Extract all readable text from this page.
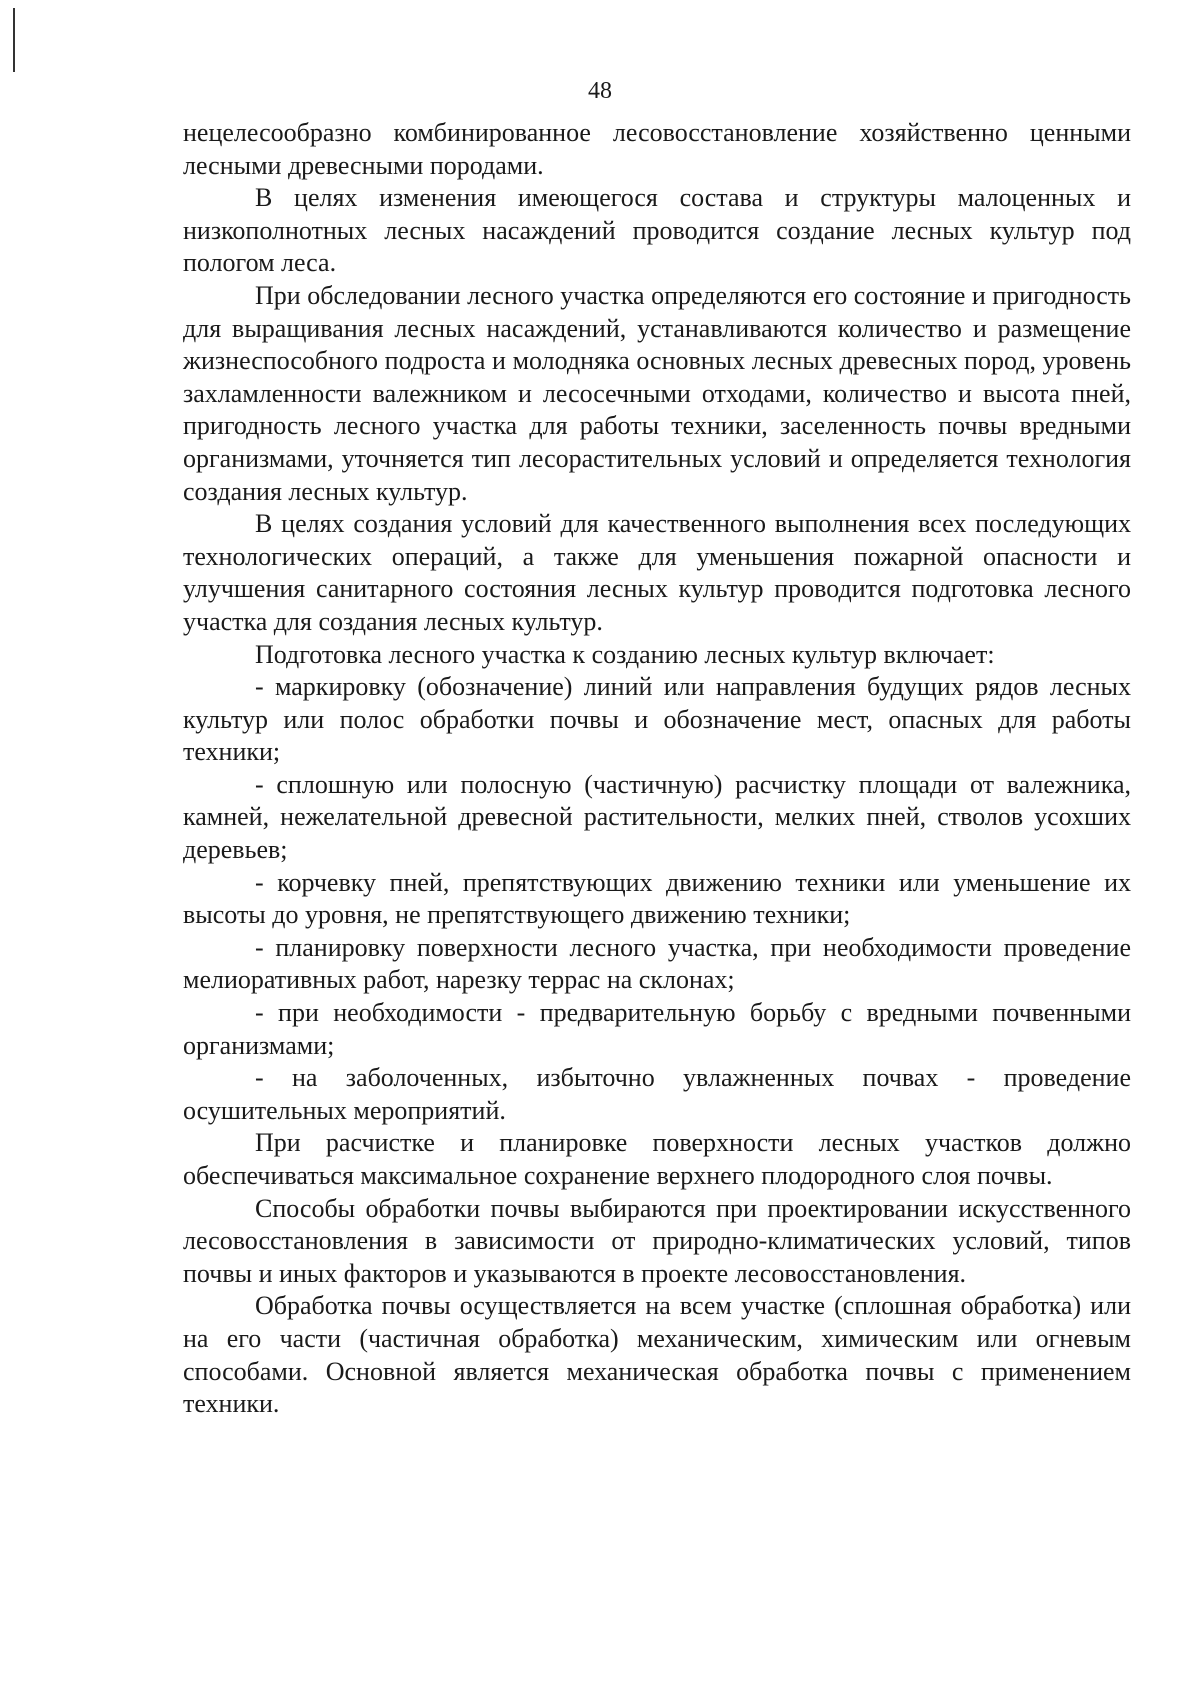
48

нецелесообразно комбинированное лесовосстановление хозяйственно ценными лесными древесными породами.

В целях изменения имеющегося состава и структуры малоценных и низкополнотных лесных насаждений проводится создание лесных культур под пологом леса.

При обследовании лесного участка определяются его состояние и пригодность для выращивания лесных насаждений, устанавливаются количество и размещение жизнеспособного подроста и молодняка основных лесных древесных пород, уровень захламленности валежником и лесосечными отходами, количество и высота пней, пригодность лесного участка для работы техники, заселенность почвы вредными организмами, уточняется тип лесорастительных условий и определяется технология создания лесных культур.

В целях создания условий для качественного выполнения всех последующих технологических операций, а также для уменьшения пожарной опасности и улучшения санитарного состояния лесных культур проводится подготовка лесного участка для создания лесных культур.

Подготовка лесного участка к созданию лесных культур включает:

- маркировку (обозначение) линий или направления будущих рядов лесных культур или полос обработки почвы и обозначение мест, опасных для работы техники;

- сплошную или полосную (частичную) расчистку площади от валежника, камней, нежелательной древесной растительности, мелких пней, стволов усохших деревьев;

- корчевку пней, препятствующих движению техники или уменьшение их высоты до уровня, не препятствующего движению техники;

- планировку поверхности лесного участка, при необходимости проведение мелиоративных работ, нарезку террас на склонах;

- при необходимости - предварительную борьбу с вредными почвенными организмами;

- на заболоченных, избыточно увлажненных почвах - проведение осушительных мероприятий.

При расчистке и планировке поверхности лесных участков должно обеспечиваться максимальное сохранение верхнего плодородного слоя почвы.

Способы обработки почвы выбираются при проектировании искусственного лесовосстановления в зависимости от природно-климатических условий, типов почвы и иных факторов и указываются в проекте лесовосстановления.

Обработка почвы осуществляется на всем участке (сплошная обработка) или на его части (частичная обработка) механическим, химическим или огневым способами. Основной является механическая обработка почвы с применением техники.
